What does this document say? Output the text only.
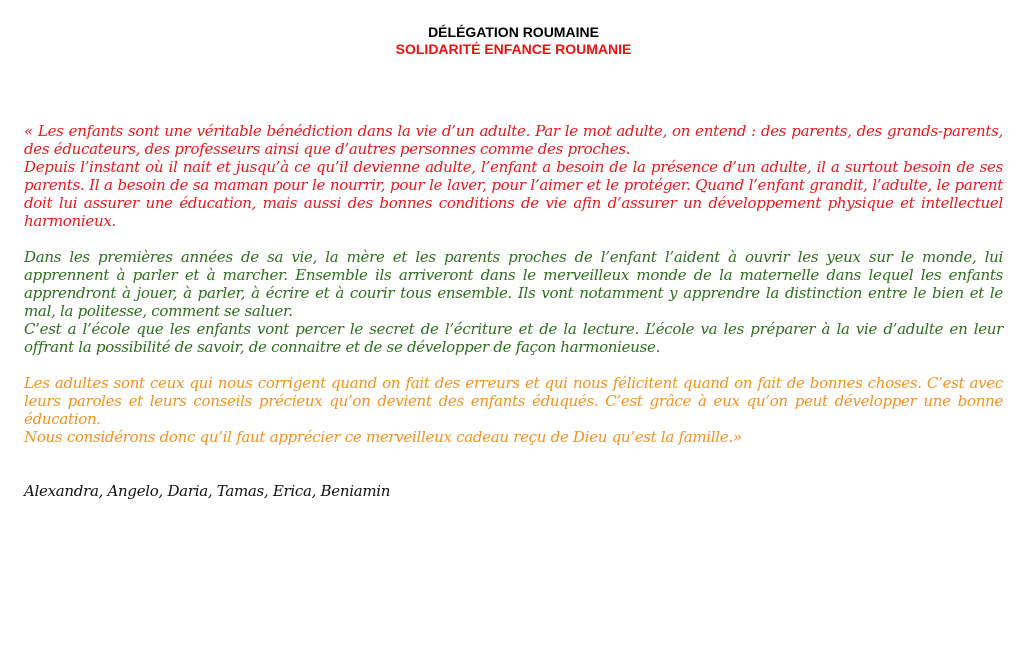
DÉLÉGATION ROUMAINE
SOLIDARITÉ ENFANCE ROUMANIE
« Les enfants sont une véritable bénédiction dans la vie d’un adulte. Par le mot adulte, on entend : des parents, des grands-parents, des éducateurs, des professeurs ainsi que d’autres personnes comme des proches.
Depuis l’instant où il nait et jusqu’à ce qu’il devienne adulte, l’enfant a besoin de la présence d’un adulte, il a surtout besoin de ses parents. Il a besoin de sa maman pour le nourrir, pour le laver, pour l’aimer et le protéger. Quand l’enfant grandit, l’adulte, le parent doit lui assurer une éducation, mais aussi des bonnes conditions de vie afin d’assurer un développement physique et intellectuel harmonieux.
Dans les premières années de sa vie, la mère et les parents proches de l’enfant l’aident à ouvrir les yeux sur le monde, lui apprennent à parler et à marcher. Ensemble ils arriveront dans le merveilleux monde de la maternelle dans lequel les enfants apprendront à jouer, à parler, à écrire et à courir tous ensemble. Ils vont notamment y apprendre la distinction entre le bien et le mal, la politesse, comment se saluer.
C’est a l’école que les enfants vont percer le secret de l’écriture et de la lecture. L’école va les préparer à la vie d’adulte en leur offrant la possibilité de savoir, de connaitre et de se développer de façon harmonieuse.
Les adultes sont ceux qui nous corrigent quand on fait des erreurs et qui nous félicitent quand on fait de bonnes choses. C’est avec leurs paroles et leurs conseils précieux qu’on devient des enfants éduqués. C’est grâce à eux qu’on peut développer une bonne éducation.
Nous considérons donc qu’il faut apprécier ce merveilleux cadeau reçu de Dieu qu’est la famille.»
Alexandra, Angelo, Daria, Tamas, Erica, Beniamin
